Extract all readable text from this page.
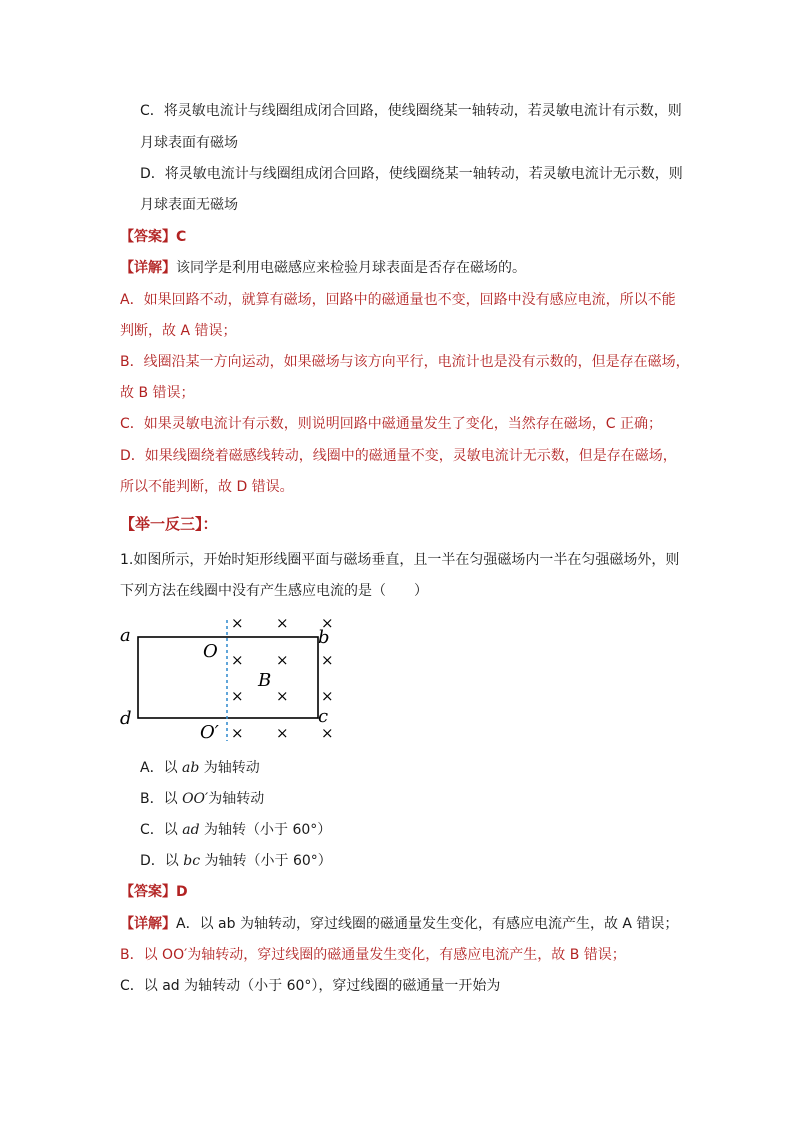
C．将灵敏电流计与线圈组成闭合回路，使线圈绕某一轴转动，若灵敏电流计有示数，则
月球表面有磁场
D．将灵敏电流计与线圈组成闭合回路，使线圈绕某一轴转动，若灵敏电流计无示数，则
月球表面无磁场
【答案】C
【详解】该同学是利用电磁感应来检验月球表面是否存在磁场的。
A．如果回路不动，就算有磁场，回路中的磁通量也不变，回路中没有感应电流，所以不能
判断，故 A 错误；
B．线圈沿某一方向运动，如果磁场与该方向平行，电流计也是没有示数的，但是存在磁场，
故 B 错误；
C．如果灵敏电流计有示数，则说明回路中磁通量发生了变化，当然存在磁场，C 正确；
D．如果线圈绕着磁感线转动，线圈中的磁通量不变，灵敏电流计无示数，但是存在磁场，
所以不能判断，故 D 错误。
【举一反三】：
1.如图所示，开始时矩形线圈平面与磁场垂直，且一半在匀强磁场内一半在匀强磁场外，则
下列方法在线圈中没有产生感应电流的是（　　）
a	b
c
d
O
O′
B
× × ×
× × ×
× × ×
× × ×
A．以 ab 为轴转动
B．以 OO′为轴转动
C．以 ad 为轴转（小于 60°）
D．以 bc 为轴转（小于 60°）
【答案】D
【详解】A．以 ab 为轴转动，穿过线圈的磁通量发生变化，有感应电流产生，故 A 错误；
B．以 OO′为轴转动，穿过线圈的磁通量发生变化，有感应电流产生，故 B 错误；
C．以 ad 为轴转动（小于 60°），穿过线圈的磁通量一开始为
